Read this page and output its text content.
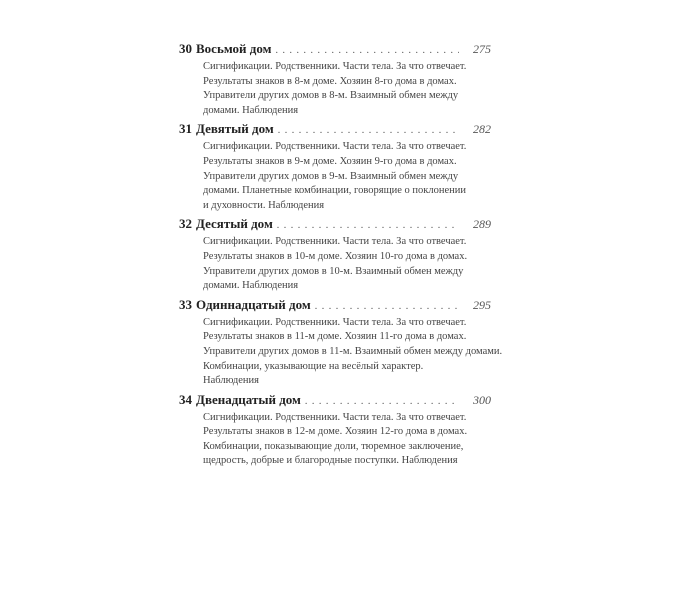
30 Восьмой дом . . .	275
Сигнификации. Родственники. Части тела. За что отвечает.
Результаты знаков в 8-м доме. Хозяин 8-го дома в домах.
Управители других домов в 8-м. Взаимный обмен между
домами. Наблюдения
31 Девятый дом . . .	282
Сигнификации. Родственники. Части тела. За что отвечает.
Результаты знаков в 9-м доме. Хозяин 9-го дома в домах.
Управители других домов в 9-м. Взаимный обмен между
домами. Планетные комбинации, говорящие о поклонении
и духовности. Наблюдения
32 Десятый дом . . .	289
Сигнификации. Родственники. Части тела. За что отвечает.
Результаты знаков в 10-м доме. Хозяин 10-го дома в домах.
Управители других домов в 10-м. Взаимный обмен между
домами. Наблюдения
33 Одиннадцатый дом . . .	295
Сигнификации. Родственники. Части тела. За что отвечает.
Результаты знаков в 11-м доме. Хозяин 11-го дома в домах.
Управители других домов в 11-м. Взаимный обмен между домами.
Комбинации, указывающие на весёлый характер.
Наблюдения
34 Двенадцатый дом . . .	300
Сигнификации. Родственники. Части тела. За что отвечает.
Результаты знаков в 12-м доме. Хозяин 12-го дома в домах.
Комбинации, показывающие доли, тюремное заключение,
щедрость, добрые и благородные поступки. Наблюдения
